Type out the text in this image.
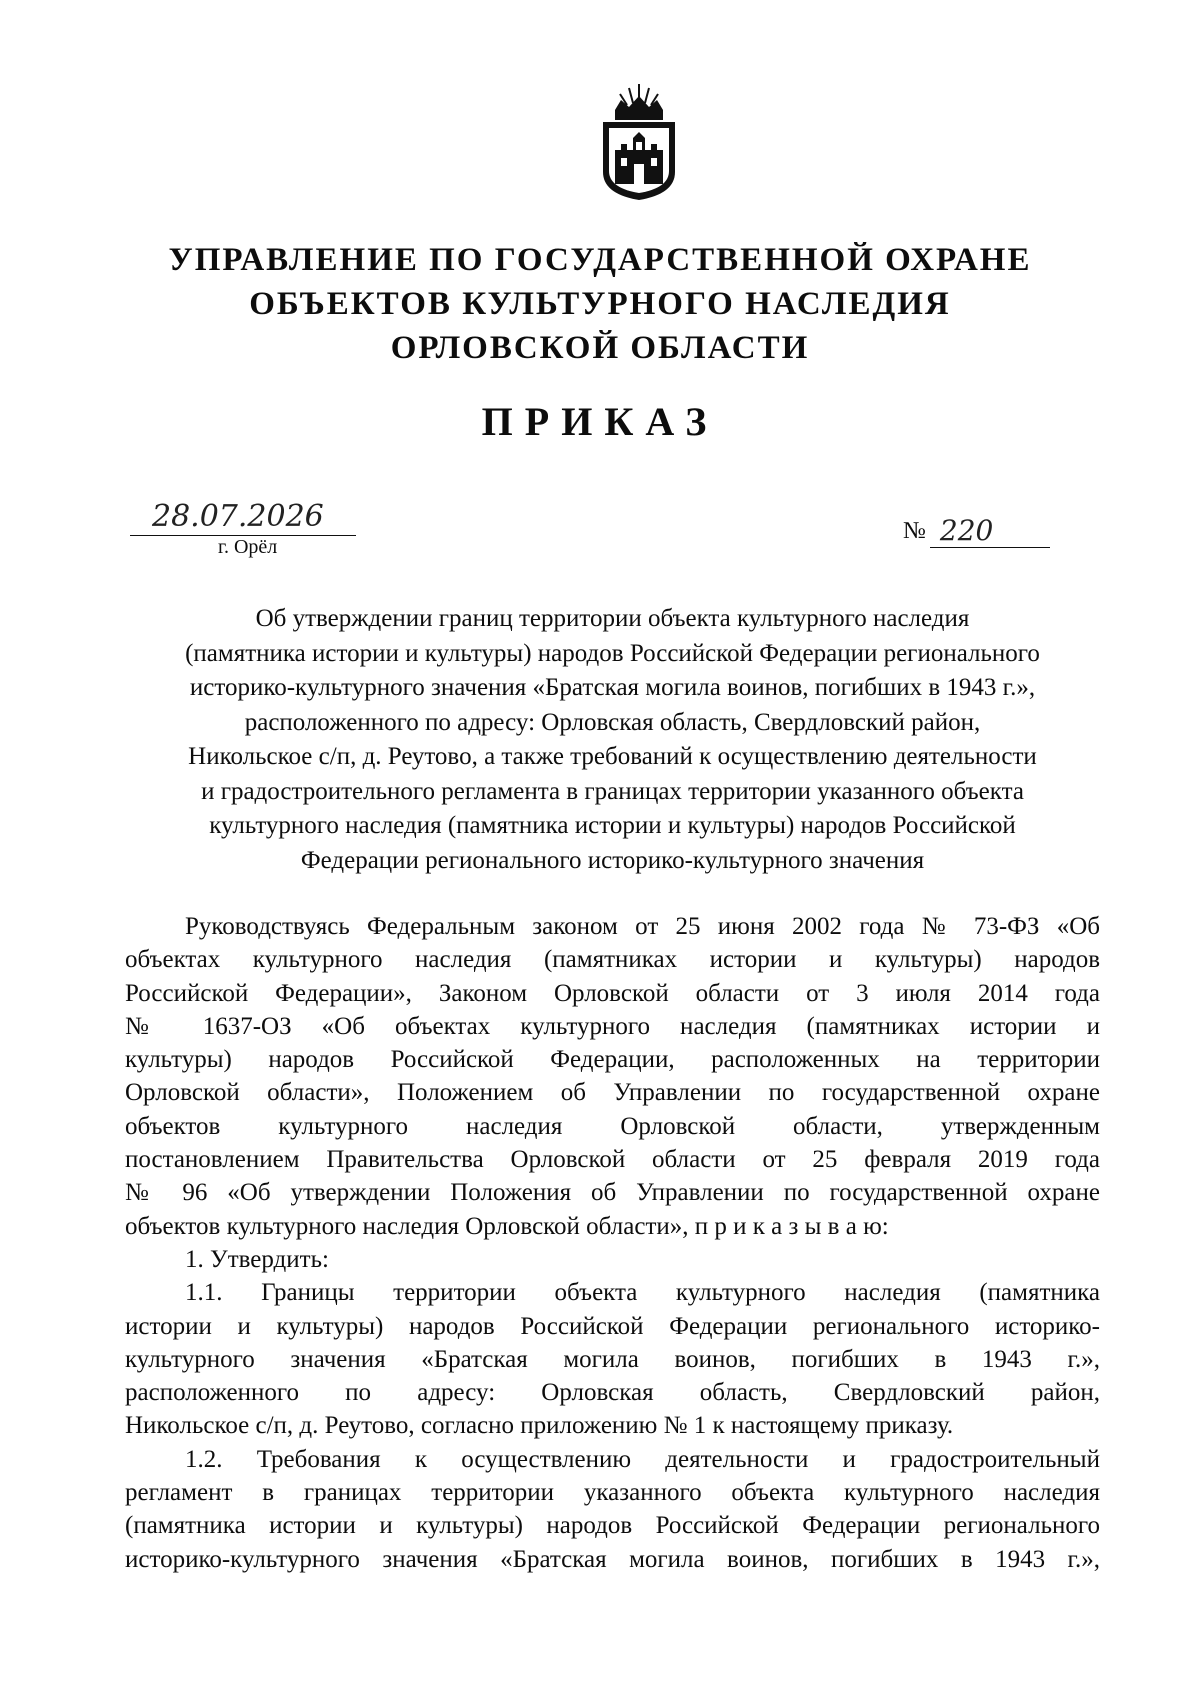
УПРАВЛЕНИЕ ПО ГОСУДАРСТВЕННОЙ ОХРАНЕ
ОБЪЕКТОВ КУЛЬТУРНОГО НАСЛЕДИЯ
ОРЛОВСКОЙ ОБЛАСТИ
ПРИКАЗ
28.07.2026
г. Орёл
№ 220
Об утверждении границ территории объекта культурного наследия
(памятника истории и культуры) народов Российской Федерации регионального
историко-культурного значения «Братская могила воинов, погибших в 1943 г.»,
расположенного по адресу: Орловская область, Свердловский район,
Никольское с/п, д. Реутово, а также требований к осуществлению деятельности
и градостроительного регламента в границах территории указанного объекта
культурного наследия (памятника истории и культуры) народов Российской
Федерации регионального историко-культурного значения
Руководствуясь Федеральным законом от 25 июня 2002 года № 73-ФЗ «Об
объектах культурного наследия (памятниках истории и культуры) народов
Российской Федерации», Законом Орловской области от 3 июля 2014 года
№ 1637-ОЗ «Об объектах культурного наследия (памятниках истории и
культуры) народов Российской Федерации, расположенных на территории
Орловской области», Положением об Управлении по государственной охране
объектов культурного наследия Орловской области, утвержденным
постановлением Правительства Орловской области от 25 февраля 2019 года
№ 96 «Об утверждении Положения об Управлении по государственной охране
объектов культурного наследия Орловской области», п р и к а з ы в а ю:
1. Утвердить:
1.1. Границы территории объекта культурного наследия (памятника
истории и культуры) народов Российской Федерации регионального историко-
культурного значения «Братская могила воинов, погибших в 1943 г.»,
расположенного по адресу: Орловская область, Свердловский район,
Никольское с/п, д. Реутово, согласно приложению № 1 к настоящему приказу.
1.2. Требования к осуществлению деятельности и градостроительный
регламент в границах территории указанного объекта культурного наследия
(памятника истории и культуры) народов Российской Федерации регионального
историко-культурного значения «Братская могила воинов, погибших в 1943 г.»,
